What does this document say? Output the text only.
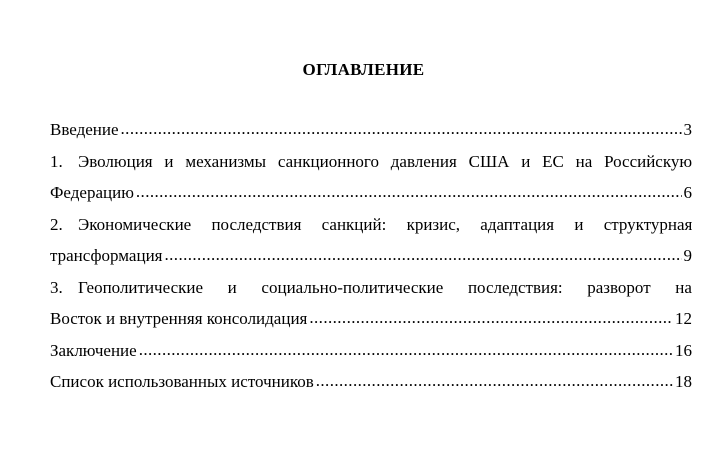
ОГЛАВЛЕНИЕ
Введение .....	3
1. Эволюция и механизмы санкционного давления США и ЕС на Российскую
Федерацию .....	6
2. Экономические последствия санкций: кризис, адаптация и структурная
трансформация .....	9
3. Геополитические и социально-политические последствия: разворот на
Восток и внутренняя консолидация .....	12
Заключение .....	16
Список использованных источников .....	18
